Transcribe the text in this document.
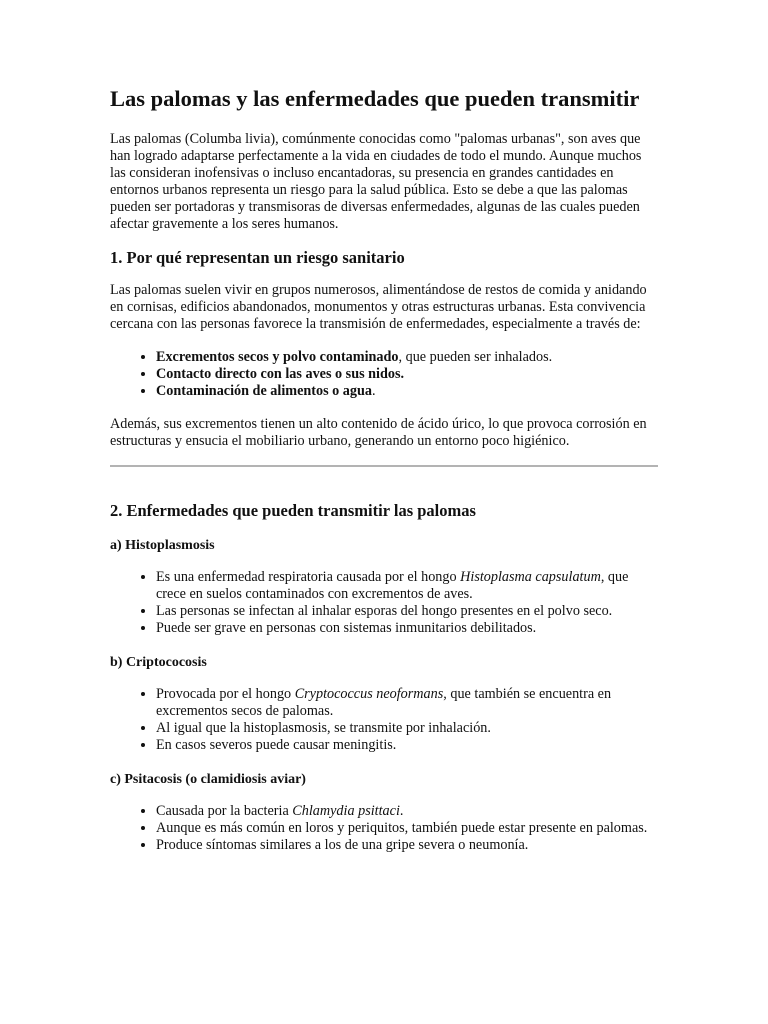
Las palomas y las enfermedades que pueden transmitir

Las palomas (Columba livia), comúnmente conocidas como "palomas urbanas", son aves que han logrado adaptarse perfectamente a la vida en ciudades de todo el mundo. Aunque muchos las consideran inofensivas o incluso encantadoras, su presencia en grandes cantidades en entornos urbanos representa un riesgo para la salud pública. Esto se debe a que las palomas pueden ser portadoras y transmisoras de diversas enfermedades, algunas de las cuales pueden afectar gravemente a los seres humanos.

1. Por qué representan un riesgo sanitario

Las palomas suelen vivir en grupos numerosos, alimentándose de restos de comida y anidando en cornisas, edificios abandonados, monumentos y otras estructuras urbanas. Esta convivencia cercana con las personas favorece la transmisión de enfermedades, especialmente a través de:

• Excrementos secos y polvo contaminado, que pueden ser inhalados.
• Contacto directo con las aves o sus nidos.
• Contaminación de alimentos o agua.

Además, sus excrementos tienen un alto contenido de ácido úrico, lo que provoca corrosión en estructuras y ensucia el mobiliario urbano, generando un entorno poco higiénico.

2. Enfermedades que pueden transmitir las palomas
a) Histoplasmosis
• Es una enfermedad respiratoria causada por el hongo Histoplasma capsulatum, que crece en suelos contaminados con excrementos de aves.
• Las personas se infectan al inhalar esporas del hongo presentes en el polvo seco.
• Puede ser grave en personas con sistemas inmunitarios debilitados.
b) Criptococosis
• Provocada por el hongo Cryptococcus neoformans, que también se encuentra en excrementos secos de palomas.
• Al igual que la histoplasmosis, se transmite por inhalación.
• En casos severos puede causar meningitis.
c) Psitacosis (o clamidiosis aviar)
• Causada por la bacteria Chlamydia psittaci.
• Aunque es más común en loros y periquitos, también puede estar presente en palomas.
• Produce síntomas similares a los de una gripe severa o neumonía.
